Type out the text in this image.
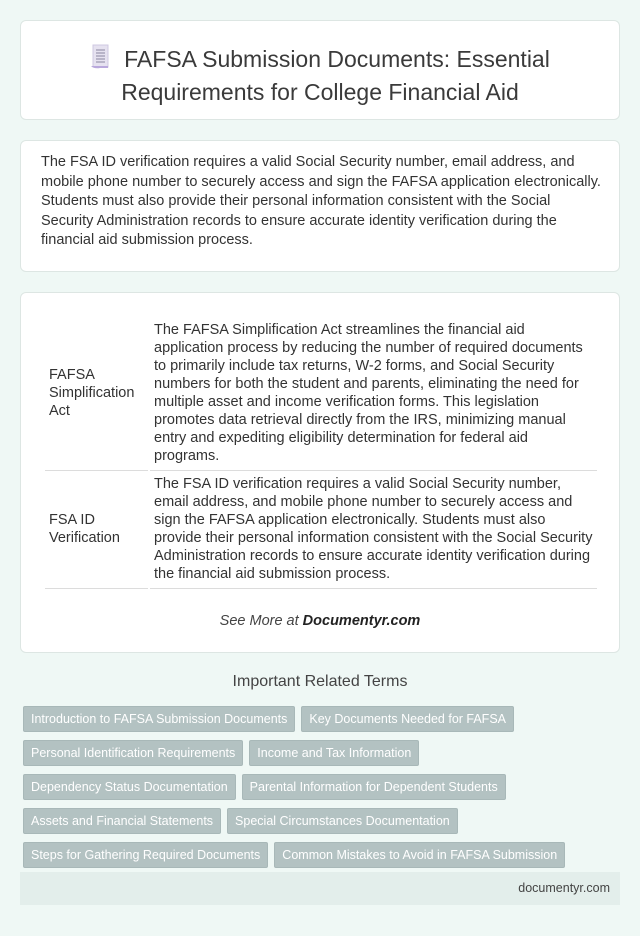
FAFSA Submission Documents: Essential Requirements for College Financial Aid

The FSA ID verification requires a valid Social Security number, email address, and mobile phone number to securely access and sign the FAFSA application electronically. Students must also provide their personal information consistent with the Social Security Administration records to ensure accurate identity verification during the financial aid submission process.

FAFSA Simplification Act	The FAFSA Simplification Act streamlines the financial aid application process by reducing the number of required documents to primarily include tax returns, W-2 forms, and Social Security numbers for both the student and parents, eliminating the need for multiple asset and income verification forms. This legislation promotes data retrieval directly from the IRS, minimizing manual entry and expediting eligibility determination for federal aid programs.
FSA ID Verification	The FSA ID verification requires a valid Social Security number, email address, and mobile phone number to securely access and sign the FAFSA application electronically. Students must also provide their personal information consistent with the Social Security Administration records to ensure accurate identity verification during the financial aid submission process.
See More at Documentyr.com
Important Related Terms
Introduction to FAFSA Submission Documents	Key Documents Needed for FAFSA
Personal Identification Requirements	Income and Tax Information
Dependency Status Documentation	Parental Information for Dependent Students
Assets and Financial Statements	Special Circumstances Documentation
Steps for Gathering Required Documents	Common Mistakes to Avoid in FAFSA Submission
documentyr.com
